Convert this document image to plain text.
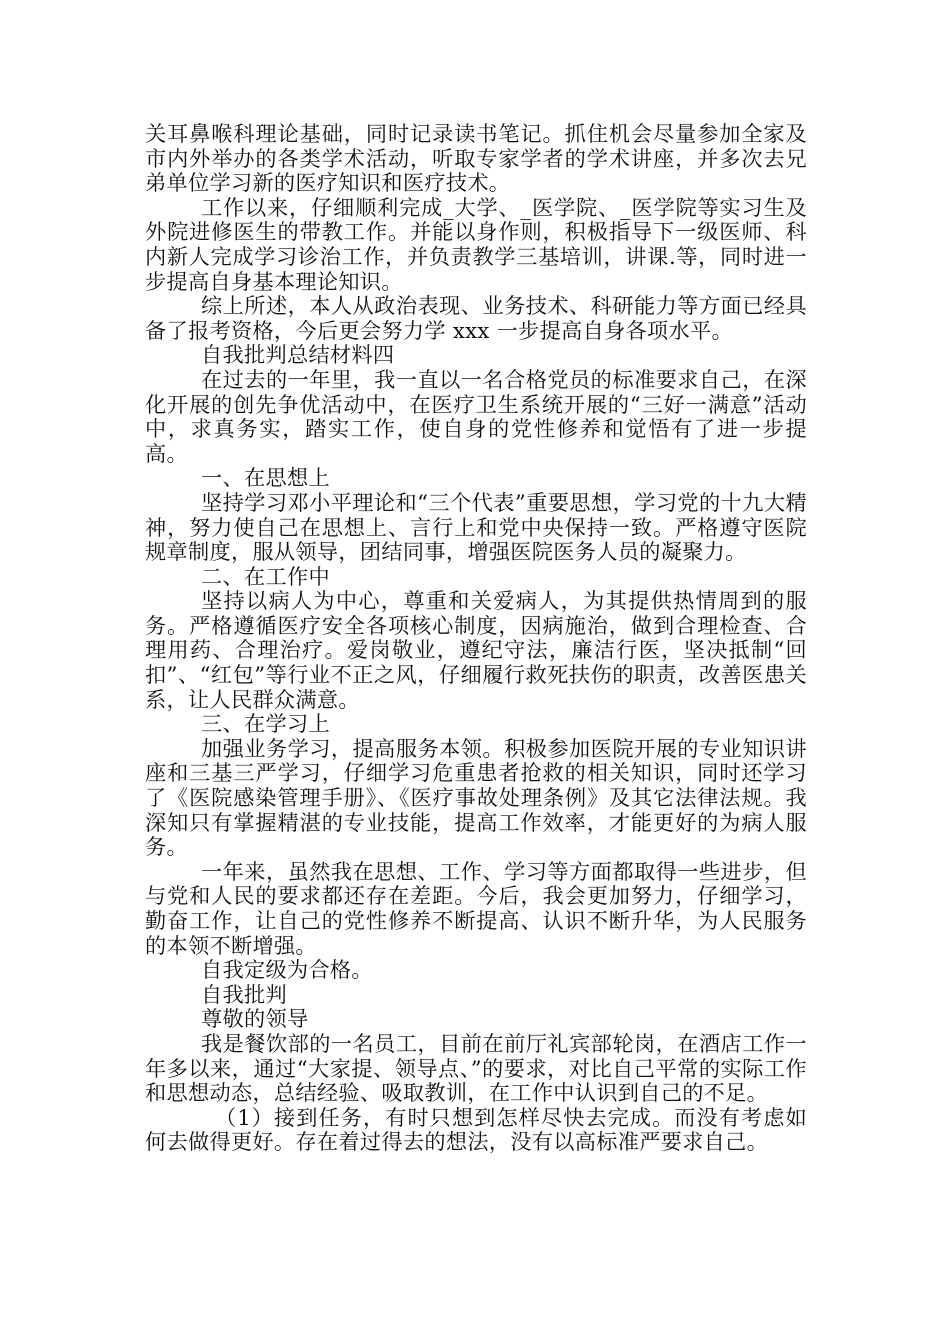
关耳鼻喉科理论基础，同时记录读书笔记。抓住机会尽量参加全家及市内外举办的各类学术活动，听取专家学者的学术讲座，并多次去兄弟单位学习新的医疗知识和医疗技术。

工作以来，仔细顺利完成_大学、_医学院、_医学院等实习生及外院进修医生的带教工作。并能以身作则，积极指导下一级医师、科内新人完成学习诊治工作，并负责教学三基培训，讲课.等，同时进一步提高自身基本理论知识。

综上所述，本人从政治表现、业务技术、科研能力等方面已经具备了报考资格，今后更会努力学 xxx 一步提高自身各项水平。

自我批判总结材料四

在过去的一年里，我一直以一名合格党员的标准要求自己，在深化开展的创先争优活动中，在医疗卫生系统开展的“三好一满意”活动中，求真务实，踏实工作，使自身的党性修养和觉悟有了进一步提高。

一、在思想上

坚持学习邓小平理论和“三个代表”重要思想，学习党的十九大精神，努力使自己在思想上、言行上和党中央保持一致。严格遵守医院规章制度，服从领导，团结同事，增强医院医务人员的凝聚力。

二、在工作中

坚持以病人为中心，尊重和关爱病人，为其提供热情周到的服务。严格遵循医疗安全各项核心制度，因病施治，做到合理检查、合理用药、合理治疗。爱岗敬业，遵纪守法，廉洁行医，坚决抵制“回扣”、“红包”等行业不正之风，仔细履行救死扶伤的职责，改善医患关系，让人民群众满意。

三、在学习上

加强业务学习，提高服务本领。积极参加医院开展的专业知识讲座和三基三严学习，仔细学习危重患者抢救的相关知识，同时还学习了《医院感染管理手册》、《医疗事故处理条例》及其它法律法规。我深知只有掌握精湛的专业技能，提高工作效率，才能更好的为病人服务。

一年来，虽然我在思想、工作、学习等方面都取得一些进步，但与党和人民的要求都还存在差距。今后，我会更加努力，仔细学习，勤奋工作，让自己的党性修养不断提高、认识不断升华，为人民服务的本领不断增强。

自我定级为合格。

自我批判

尊敬的领导

我是餐饮部的一名员工，目前在前厅礼宾部轮岗，在酒店工作一年多以来，通过“大家提、领导点、”的要求，对比自己平常的实际工作和思想动态，总结经验、吸取教训，在工作中认识到自己的不足。

（1）接到任务，有时只想到怎样尽快去完成。而没有考虑如何去做得更好。存在着过得去的想法，没有以高标准严要求自己。
